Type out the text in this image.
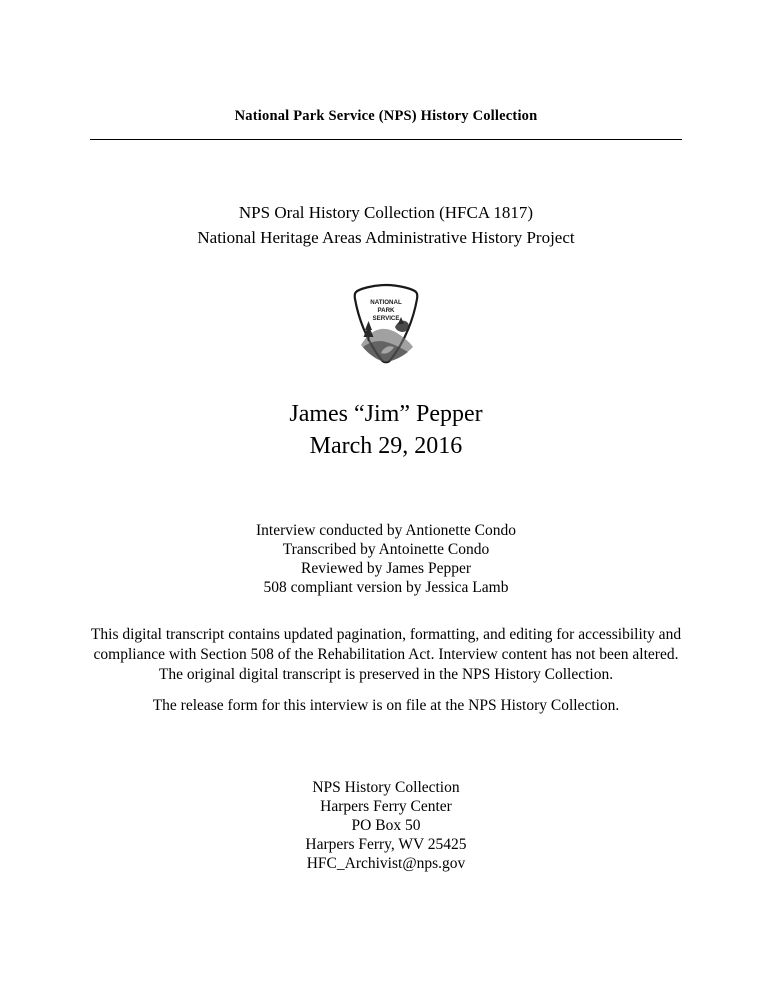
National Park Service (NPS) History Collection
NPS Oral History Collection (HFCA 1817)
National Heritage Areas Administrative History Project
NATIONAL
PARK
SERVICE
James “Jim” Pepper
March 29, 2016
Interview conducted by Antionette Condo
Transcribed by Antoinette Condo
Reviewed by James Pepper
508 compliant version by Jessica Lamb
This digital transcript contains updated pagination, formatting, and editing for accessibility and
compliance with Section 508 of the Rehabilitation Act. Interview content has not been altered.
The original digital transcript is preserved in the NPS History Collection.
The release form for this interview is on file at the NPS History Collection.
NPS History Collection
Harpers Ferry Center
PO Box 50
Harpers Ferry, WV 25425
HFC_Archivist@nps.gov
